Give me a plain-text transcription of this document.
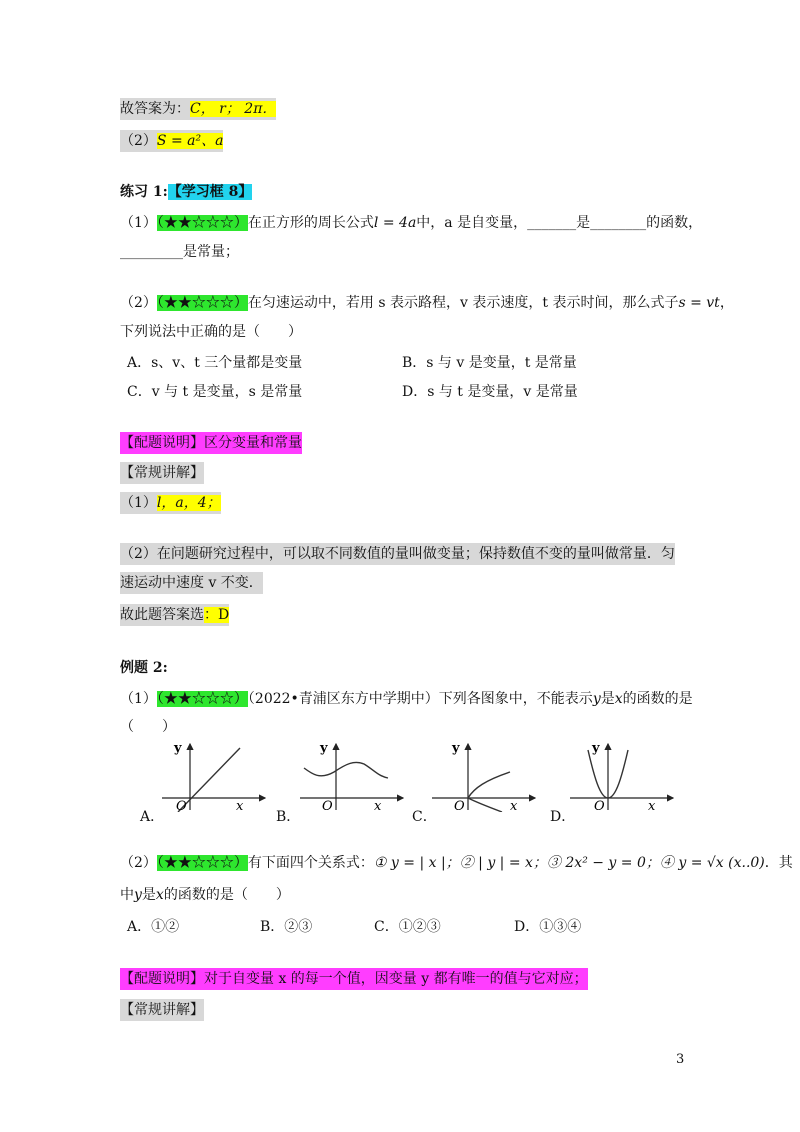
故答案为：C， r； 2π．
（2）S = a²、a
练习 1:【学习框 8】
（1）（★★☆☆☆）在正方形的周长公式l = 4a中，a 是自变量，_______是________的函数，
_________是常量；
（2）（★★☆☆☆）在匀速运动中，若用 s 表示路程，v 表示速度，t 表示时间，那么式子s = vt，
下列说法中正确的是（　　）
A．s、v、t 三个量都是变量	B．s 与 v 是变量，t 是常量
C．v 与 t 是变量，s 是常量	D．s 与 t 是变量，v 是常量
【配题说明】区分变量和常量
【常规讲解】
（1）l，a，4；
（2）在问题研究过程中，可以取不同数值的量叫做变量；保持数值不变的量叫做常量．匀
速运动中速度 v 不变．
故此题答案选：D
例题 2:
（1）（★★☆☆☆）（2022•青浦区东方中学期中）下列各图象中，不能表示y是x的函数的是
（　　）
y
x
O
A．
y
x
O
B．
y
x
O
C．
y
x
O
D．
（2）（★★☆☆☆）有下面四个关系式：① y = | x |；② | y | = x；③ 2x² − y = 0；④ y = √x (x..0)．其
中y是x的函数的是（　　）
A．①②	B．②③	C．①②③	D．①③④
【配题说明】对于自变量 x 的每一个值，因变量 y 都有唯一的值与它对应；
【常规讲解】
3
